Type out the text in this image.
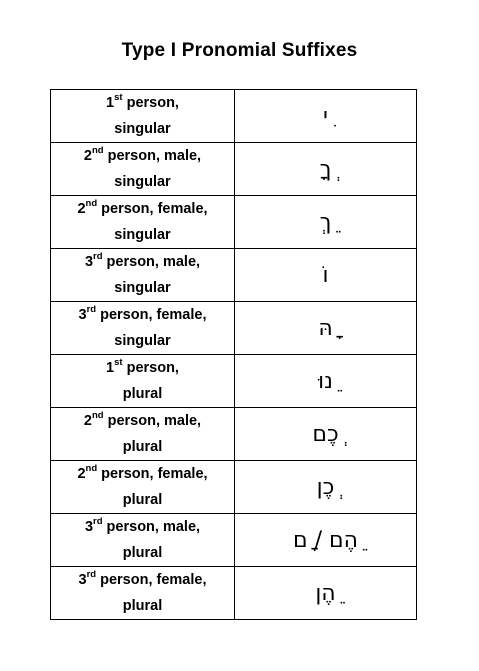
Type I Pronomial Suffixes
1st person,
singular	ִי
2nd person, male,
singular	ְךָ
2nd person, female,
singular	ֵךְ
3rd person, male,
singular	וֹ
3rd person, female,
singular	ָהּ
1st person,
plural	ֵנוּ
2nd person, male,
plural	ְכֶם
2nd person, female,
plural	ְכֶן
3rd person, male,
plural	ֵהֶם / ָם
3rd person, female,
plural	ֵהֶן
